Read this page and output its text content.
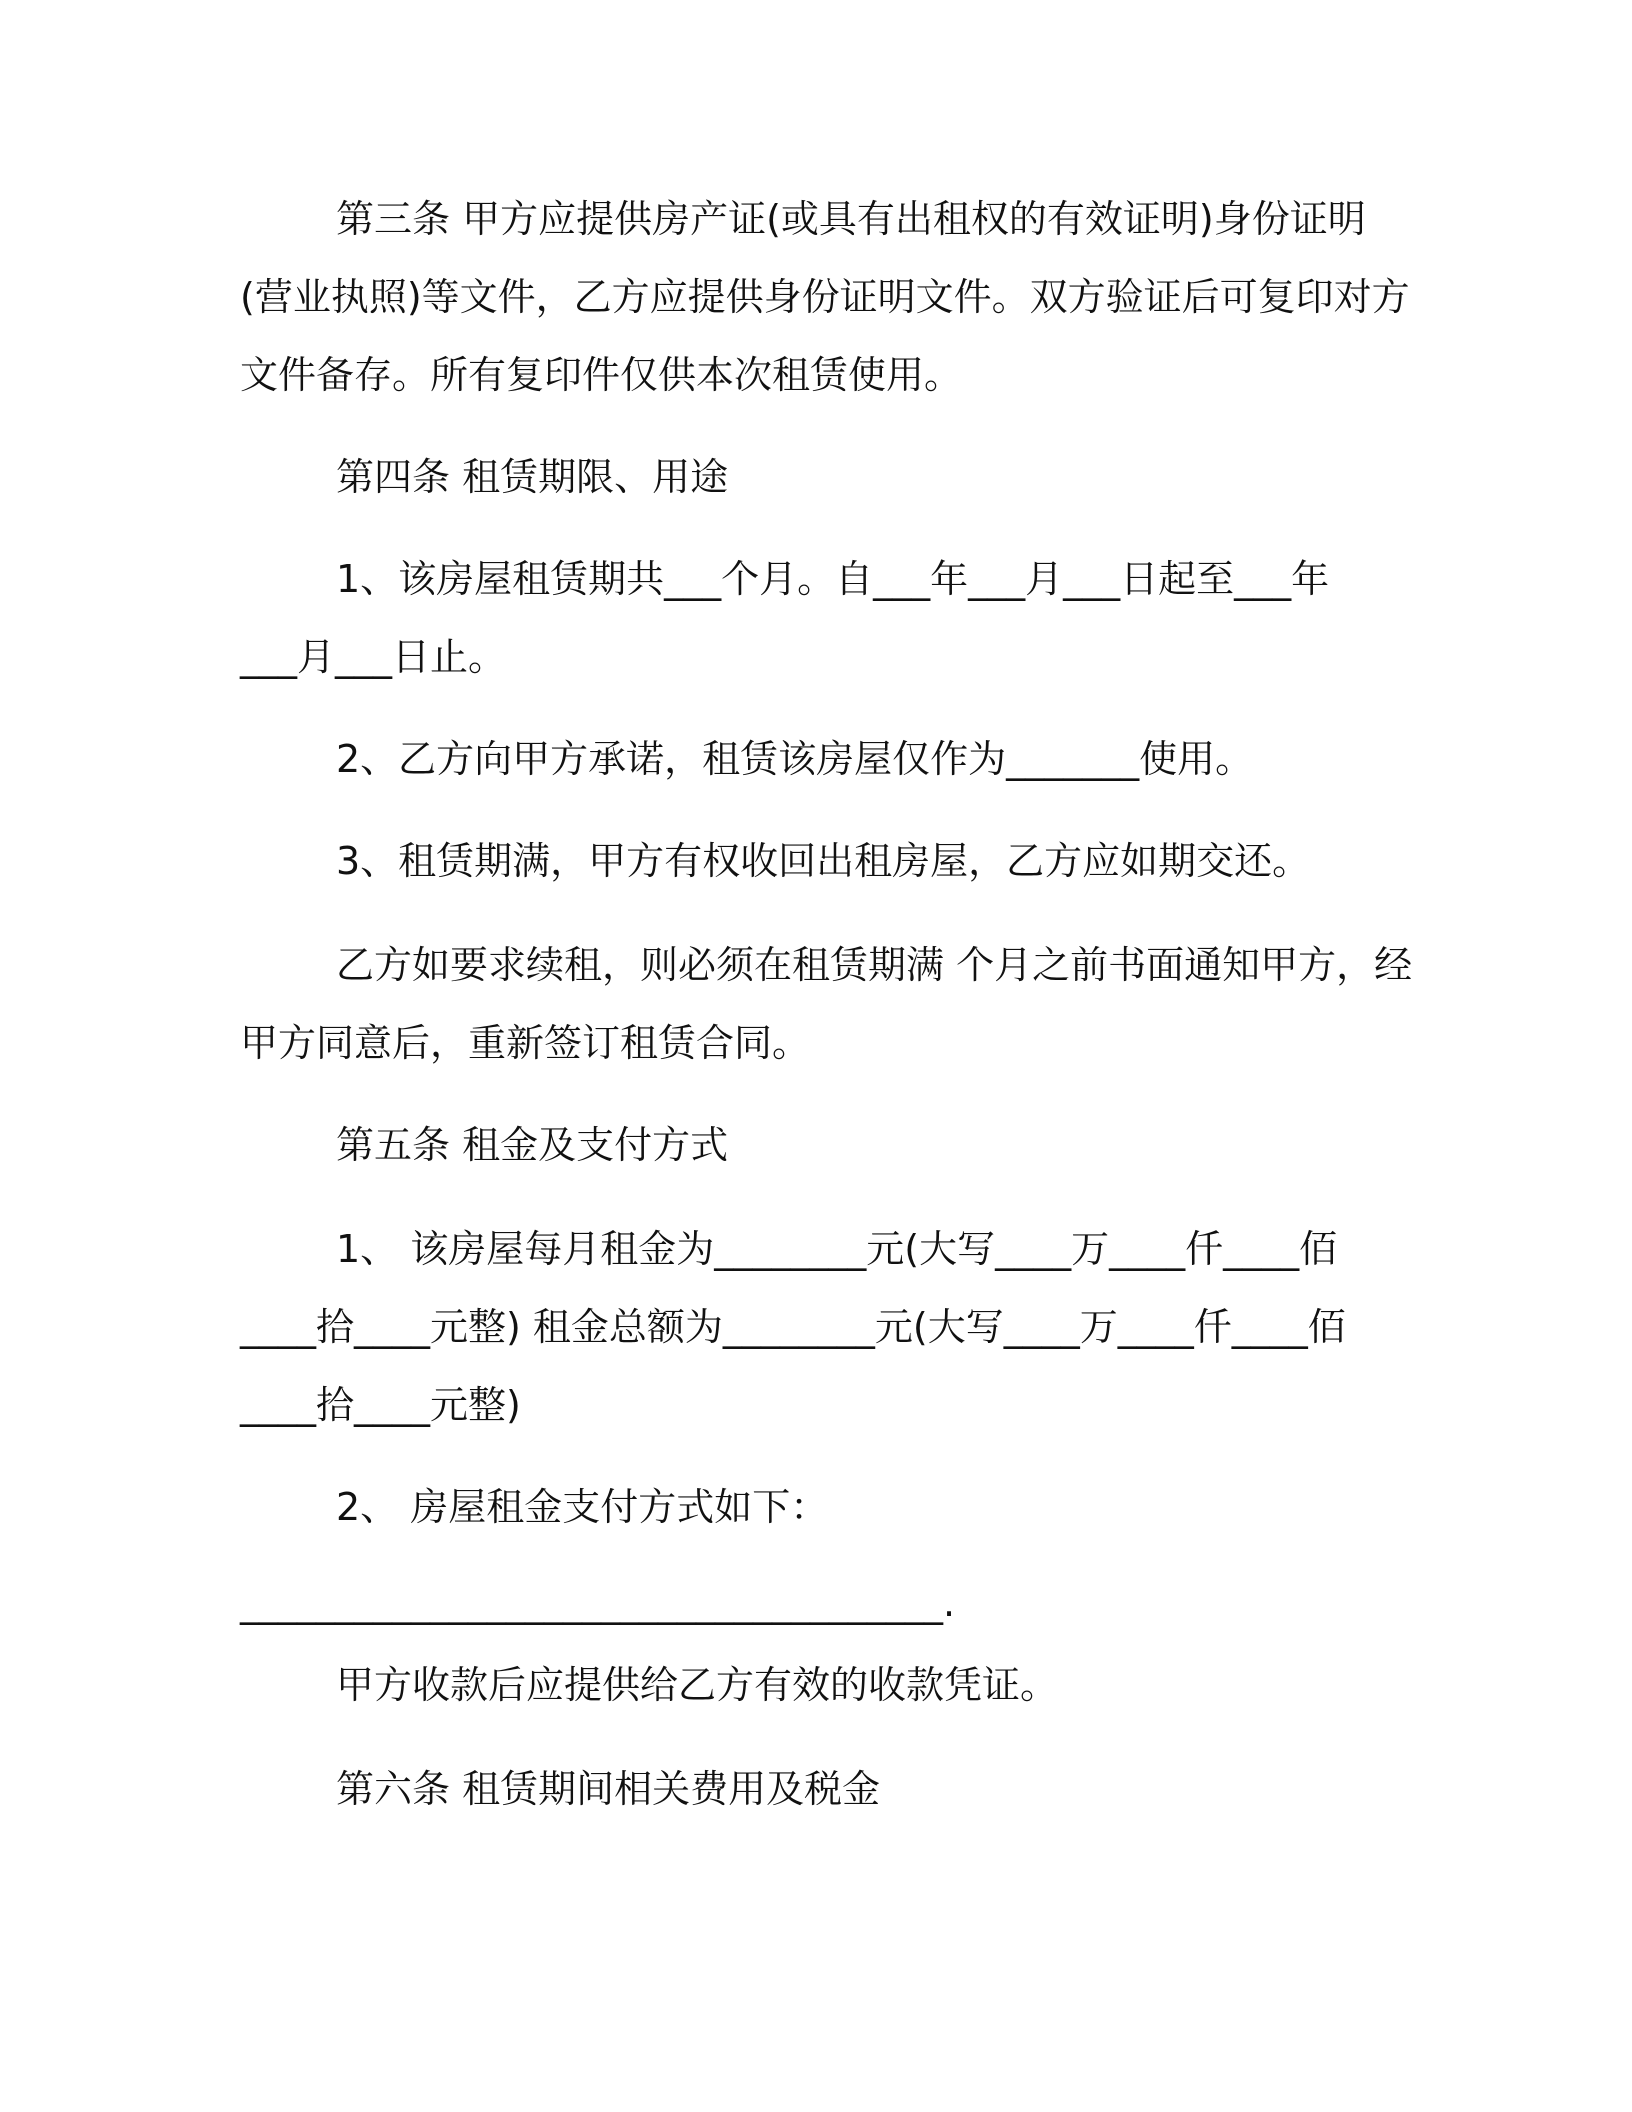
第三条 甲方应提供房产证(或具有出租权的有效证明)身份证明
(营业执照)等文件，乙方应提供身份证明文件。双方验证后可复印对方
文件备存。所有复印件仅供本次租赁使用。
第四条 租赁期限、用途
1、该房屋租赁期共___个月。自___年___月___日起至___年
___月___日止。
2、乙方向甲方承诺，租赁该房屋仅作为_______使用。
3、租赁期满，甲方有权收回出租房屋，乙方应如期交还。
乙方如要求续租，则必须在租赁期满 个月之前书面通知甲方，经
甲方同意后，重新签订租赁合同。
第五条 租金及支付方式
1、 该房屋每月租金为________元(大写____万____仟____佰
____拾____元整) 租金总额为________元(大写____万____仟____佰
____拾____元整)
2、 房屋租金支付方式如下：
_____________________________________.
甲方收款后应提供给乙方有效的收款凭证。
第六条 租赁期间相关费用及税金
